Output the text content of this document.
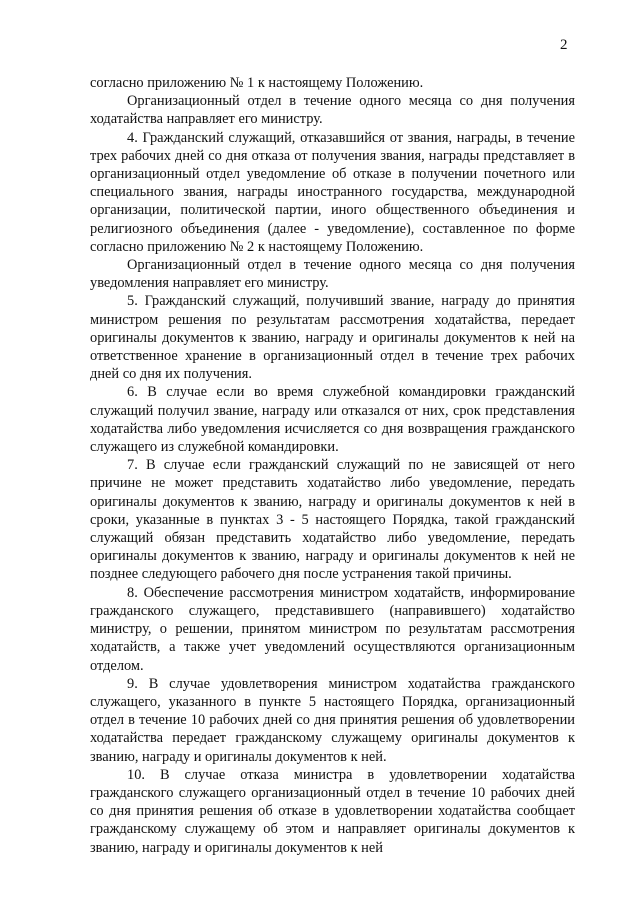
2

согласно приложению № 1 к настоящему Положению.

Организационный отдел в течение одного месяца со дня получения ходатайства направляет его министру.

4. Гражданский служащий, отказавшийся от звания, награды, в течение трех рабочих дней со дня отказа от получения звания, награды представляет в организационный отдел уведомление об отказе в получении почетного или специального звания, награды иностранного государства, международной организации, политической партии, иного общественного объединения и религиозного объединения (далее - уведомление), составленное по форме согласно приложению № 2 к настоящему Положению.

Организационный отдел в течение одного месяца со дня получения уведомления направляет его министру.

5. Гражданский служащий, получивший звание, награду до принятия министром решения по результатам рассмотрения ходатайства, передает оригиналы документов к званию, награду и оригиналы документов к ней на ответственное хранение в организационный отдел в течение трех рабочих дней со дня их получения.

6. В случае если во время служебной командировки гражданский служащий получил звание, награду или отказался от них, срок представления ходатайства либо уведомления исчисляется со дня возвращения гражданского служащего из служебной командировки.

7. В случае если гражданский служащий по не зависящей от него причине не может представить ходатайство либо уведомление, передать оригиналы документов к званию, награду и оригиналы документов к ней в сроки, указанные в пунктах 3 - 5 настоящего Порядка, такой гражданский служащий обязан представить ходатайство либо уведомление, передать оригиналы документов к званию, награду и оригиналы документов к ней не позднее следующего рабочего дня после устранения такой причины.

8. Обеспечение рассмотрения министром ходатайств, информирование гражданского служащего, представившего (направившего) ходатайство министру, о решении, принятом министром по результатам рассмотрения ходатайств, а также учет уведомлений осуществляются организационным отделом.

9. В случае удовлетворения министром ходатайства гражданского служащего, указанного в пункте 5 настоящего Порядка, организационный отдел в течение 10 рабочих дней со дня принятия решения об удовлетворении ходатайства передает гражданскому служащему оригиналы документов к званию, награду и оригиналы документов к ней.

10. В случае отказа министра в удовлетворении ходатайства гражданского служащего организационный отдел в течение 10 рабочих дней со дня принятия решения об отказе в удовлетворении ходатайства сообщает гражданскому служащему об этом и направляет оригиналы документов к званию, награду и оригиналы документов к ней
